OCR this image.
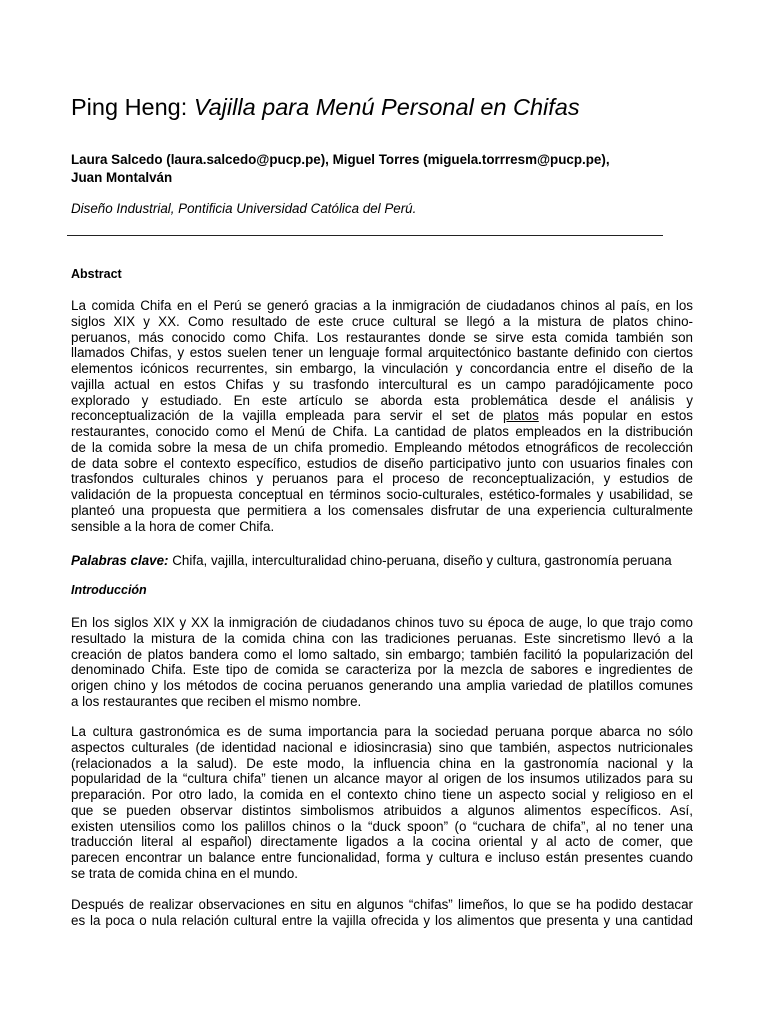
Ping Heng: Vajilla para Menú Personal en Chifas
Laura Salcedo (laura.salcedo@pucp.pe), Miguel Torres (miguela.torrresm@pucp.pe),
Juan Montalván
Diseño Industrial, Pontificia Universidad Católica del Perú.
Abstract
La comida Chifa en el Perú se generó gracias a la inmigración de ciudadanos chinos al país, en los
siglos XIX y XX. Como resultado de este cruce cultural se llegó a la mistura de platos chino-
peruanos, más conocido como Chifa. Los restaurantes donde se sirve esta comida también son
llamados Chifas, y estos suelen tener un lenguaje formal arquitectónico bastante definido con ciertos
elementos icónicos recurrentes, sin embargo, la vinculación y concordancia entre el diseño de la
vajilla actual en estos Chifas y su trasfondo intercultural es un campo paradójicamente poco
explorado y estudiado. En este artículo se aborda esta problemática desde el análisis y
reconceptualización de la vajilla empleada para servir el set de platos más popular en estos
restaurantes, conocido como el Menú de Chifa. La cantidad de platos empleados en la distribución
de la comida sobre la mesa de un chifa promedio. Empleando métodos etnográficos de recolección
de data sobre el contexto específico, estudios de diseño participativo junto con usuarios finales con
trasfondos culturales chinos y peruanos para el proceso de reconceptualización, y estudios de
validación de la propuesta conceptual en términos socio-culturales, estético-formales y usabilidad, se
planteó una propuesta que permitiera a los comensales disfrutar de una experiencia culturalmente
sensible a la hora de comer Chifa.
Palabras clave: Chifa, vajilla, interculturalidad chino-peruana, diseño y cultura, gastronomía peruana
Introducción
En los siglos XIX y XX la inmigración de ciudadanos chinos tuvo su época de auge, lo que trajo como
resultado la mistura de la comida china con las tradiciones peruanas. Este sincretismo llevó a la
creación de platos bandera como el lomo saltado, sin embargo; también facilitó la popularización del
denominado Chifa. Este tipo de comida se caracteriza por la mezcla de sabores e ingredientes de
origen chino y los métodos de cocina peruanos generando una amplia variedad de platillos comunes
a los restaurantes que reciben el mismo nombre.
La cultura gastronómica es de suma importancia para la sociedad peruana porque abarca no sólo
aspectos culturales (de identidad nacional e idiosincrasia) sino que también, aspectos nutricionales
(relacionados a la salud). De este modo, la influencia china en la gastronomía nacional y la
popularidad de la “cultura chifa” tienen un alcance mayor al origen de los insumos utilizados para su
preparación. Por otro lado, la comida en el contexto chino tiene un aspecto social y religioso en el
que se pueden observar distintos simbolismos atribuidos a algunos alimentos específicos. Así,
existen utensilios como los palillos chinos o la “duck spoon” (o “cuchara de chifa”, al no tener una
traducción literal al español) directamente ligados a la cocina oriental y al acto de comer, que
parecen encontrar un balance entre funcionalidad, forma y cultura e incluso están presentes cuando
se trata de comida china en el mundo.
Después de realizar observaciones en situ en algunos “chifas” limeños, lo que se ha podido destacar
es la poca o nula relación cultural entre la vajilla ofrecida y los alimentos que presenta y una cantidad
